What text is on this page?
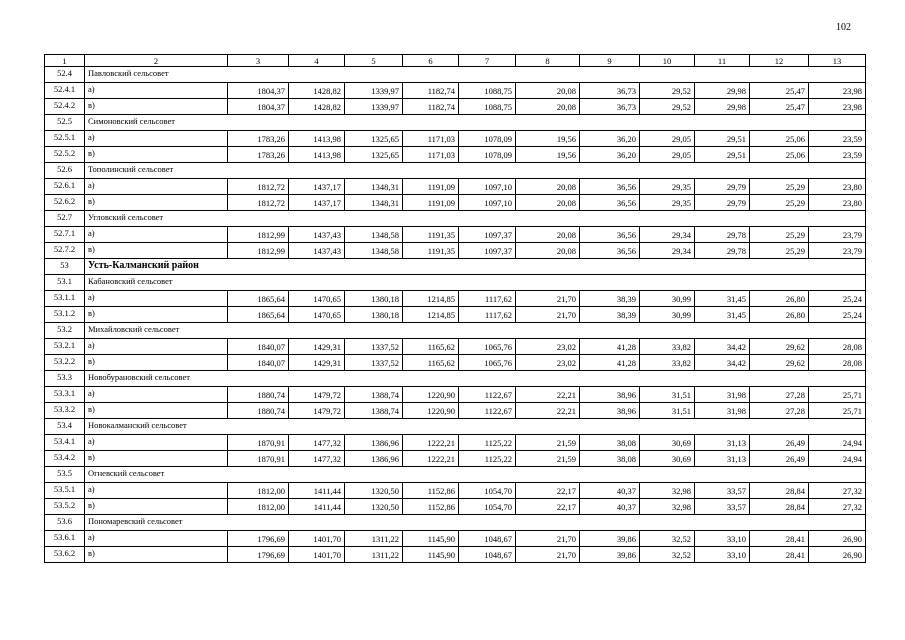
102
1	2	3	4	5	6	7	8	9	10	11	12	13
52.4	Павловский сельсовет											
52.4.1	а)	1804,37	1428,82	1339,97	1182,74	1088,75	20,08	36,73	29,52	29,98	25,47	23,98
52.4.2	в)	1804,37	1428,82	1339,97	1182,74	1088,75	20,08	36,73	29,52	29,98	25,47	23,98
52.5	Симоновский сельсовет											
52.5.1	а)	1783,26	1413,98	1325,65	1171,03	1078,09	19,56	36,20	29,05	29,51	25,06	23,59
52.5.2	в)	1783,26	1413,98	1325,65	1171,03	1078,09	19,56	36,20	29,05	29,51	25,06	23,59
52.6	Тополинский сельсовет											
52.6.1	а)	1812,72	1437,17	1348,31	1191,09	1097,10	20,08	36,56	29,35	29,79	25,29	23,80
52.6.2	в)	1812,72	1437,17	1348,31	1191,09	1097,10	20,08	36,56	29,35	29,79	25,29	23,80
52.7	Угловский сельсовет											
52.7.1	а)	1812,99	1437,43	1348,58	1191,35	1097,37	20,08	36,56	29,34	29,78	25,29	23,79
52.7.2	в)	1812,99	1437,43	1348,58	1191,35	1097,37	20,08	36,56	29,34	29,78	25,29	23,79
53	Усть-Калманский район											
53.1	Кабановский сельсовет											
53.1.1	а)	1865,64	1470,65	1380,18	1214,85	1117,62	21,70	38,39	30,99	31,45	26,80	25,24
53.1.2	в)	1865,64	1470,65	1380,18	1214,85	1117,62	21,70	38,39	30,99	31,45	26,80	25,24
53.2	Михайловский сельсовет											
53.2.1	а)	1840,07	1429,31	1337,52	1165,62	1065,76	23,02	41,28	33,82	34,42	29,62	28,08
53.2.2	в)	1840,07	1429,31	1337,52	1165,62	1065,76	23,02	41,28	33,82	34,42	29,62	28,08
53.3	Новобурановский сельсовет											
53.3.1	а)	1880,74	1479,72	1388,74	1220,90	1122,67	22,21	38,96	31,51	31,98	27,28	25,71
53.3.2	в)	1880,74	1479,72	1388,74	1220,90	1122,67	22,21	38,96	31,51	31,98	27,28	25,71
53.4	Новокалманский сельсовет											
53.4.1	а)	1870,91	1477,32	1386,96	1222,21	1125,22	21,59	38,08	30,69	31,13	26,49	24,94
53.4.2	в)	1870,91	1477,32	1386,96	1222,21	1125,22	21,59	38,08	30,69	31,13	26,49	24,94
53.5	Огневский сельсовет											
53.5.1	а)	1812,00	1411,44	1320,50	1152,86	1054,70	22,17	40,37	32,98	33,57	28,84	27,32
53.5.2	в)	1812,00	1411,44	1320,50	1152,86	1054,70	22,17	40,37	32,98	33,57	28,84	27,32
53.6	Пономаревский сельсовет											
53.6.1	а)	1796,69	1401,70	1311,22	1145,90	1048,67	21,70	39,86	32,52	33,10	28,41	26,90
53.6.2	в)	1796,69	1401,70	1311,22	1145,90	1048,67	21,70	39,86	32,52	33,10	28,41	26,90
